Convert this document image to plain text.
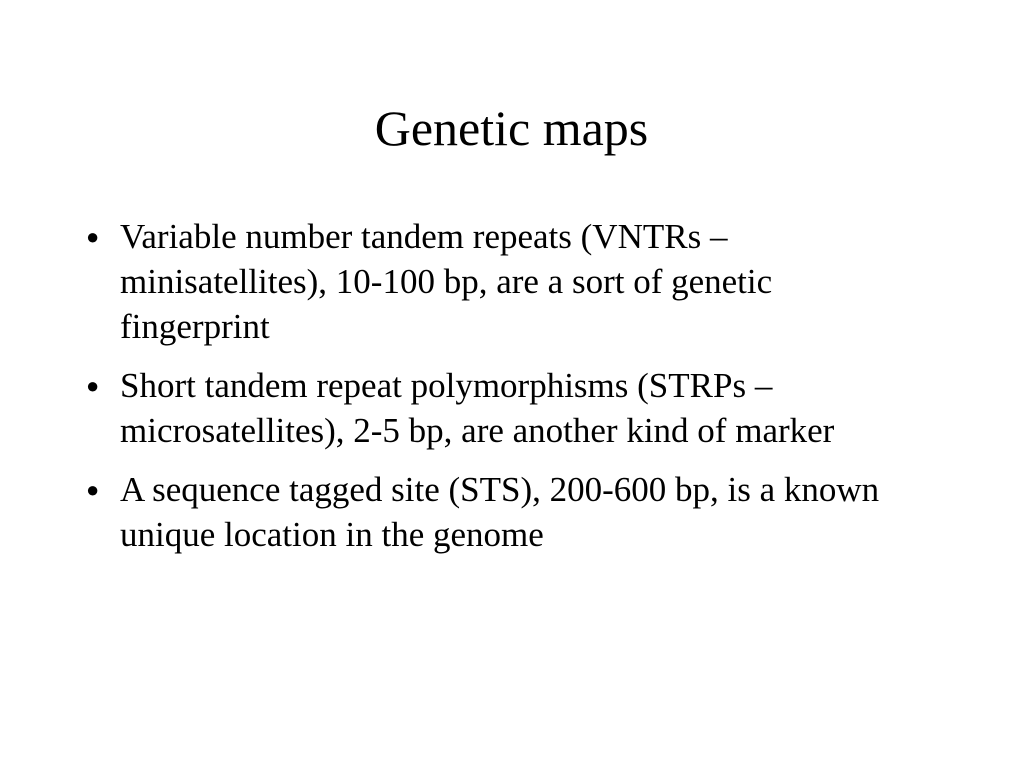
Genetic maps
● Variable number tandem repeats (VNTRs – minisatellites), 10-100 bp, are a sort of genetic fingerprint
● Short tandem repeat polymorphisms (STRPs – microsatellites), 2-5 bp, are another kind of marker
● A sequence tagged site (STS), 200-600 bp, is a known unique location in the genome
